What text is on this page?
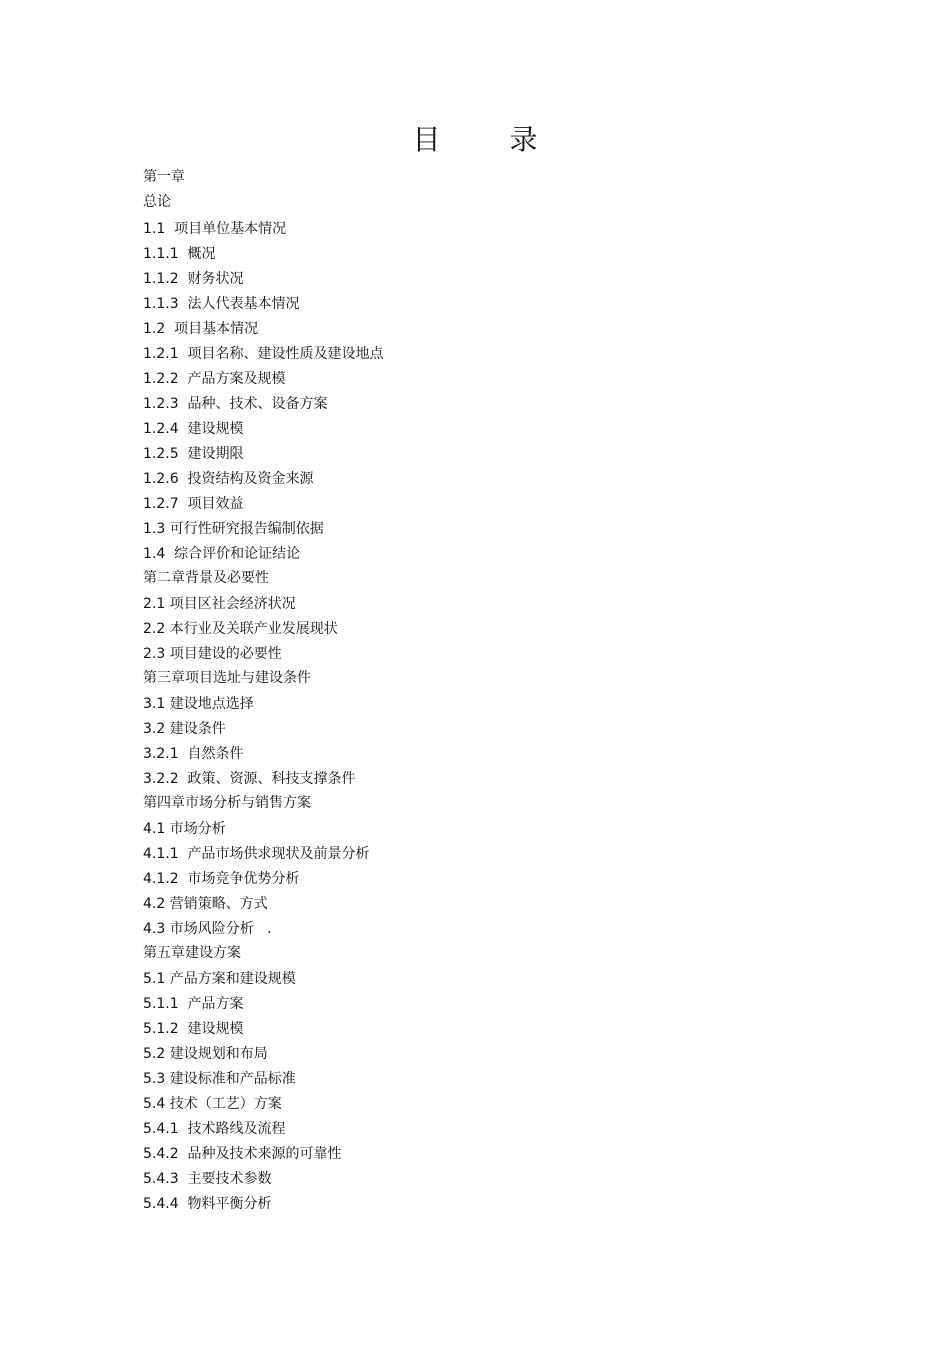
目 录
第一章
总论
1.1  项目单位基本情况
1.1.1  概况
1.1.2  财务状况
1.1.3  法人代表基本情况
1.2  项目基本情况
1.2.1  项目名称、建设性质及建设地点
1.2.2  产品方案及规模
1.2.3  品种、技术、设备方案
1.2.4  建设规模
1.2.5  建设期限
1.2.6  投资结构及资金来源
1.2.7  项目效益
1.3 可行性研究报告编制依据
1.4  综合评价和论证结论
第二章背景及必要性
2.1 项目区社会经济状况
2.2 本行业及关联产业发展现状
2.3 项目建设的必要性
第三章项目选址与建设条件
3.1 建设地点选择
3.2 建设条件
3.2.1  自然条件
3.2.2  政策、资源、科技支撑条件
第四章市场分析与销售方案
4.1 市场分析
4.1.1  产品市场供求现状及前景分析
4.1.2  市场竞争优势分析
4.2 营销策略、方式
4.3 市场风险分析   .
第五章建设方案
5.1 产品方案和建设规模
5.1.1  产品方案
5.1.2  建设规模
5.2 建设规划和布局
5.3 建设标准和产品标准
5.4 技术（工艺）方案
5.4.1  技术路线及流程
5.4.2  品种及技术来源的可靠性
5.4.3  主要技术参数
5.4.4  物料平衡分析
